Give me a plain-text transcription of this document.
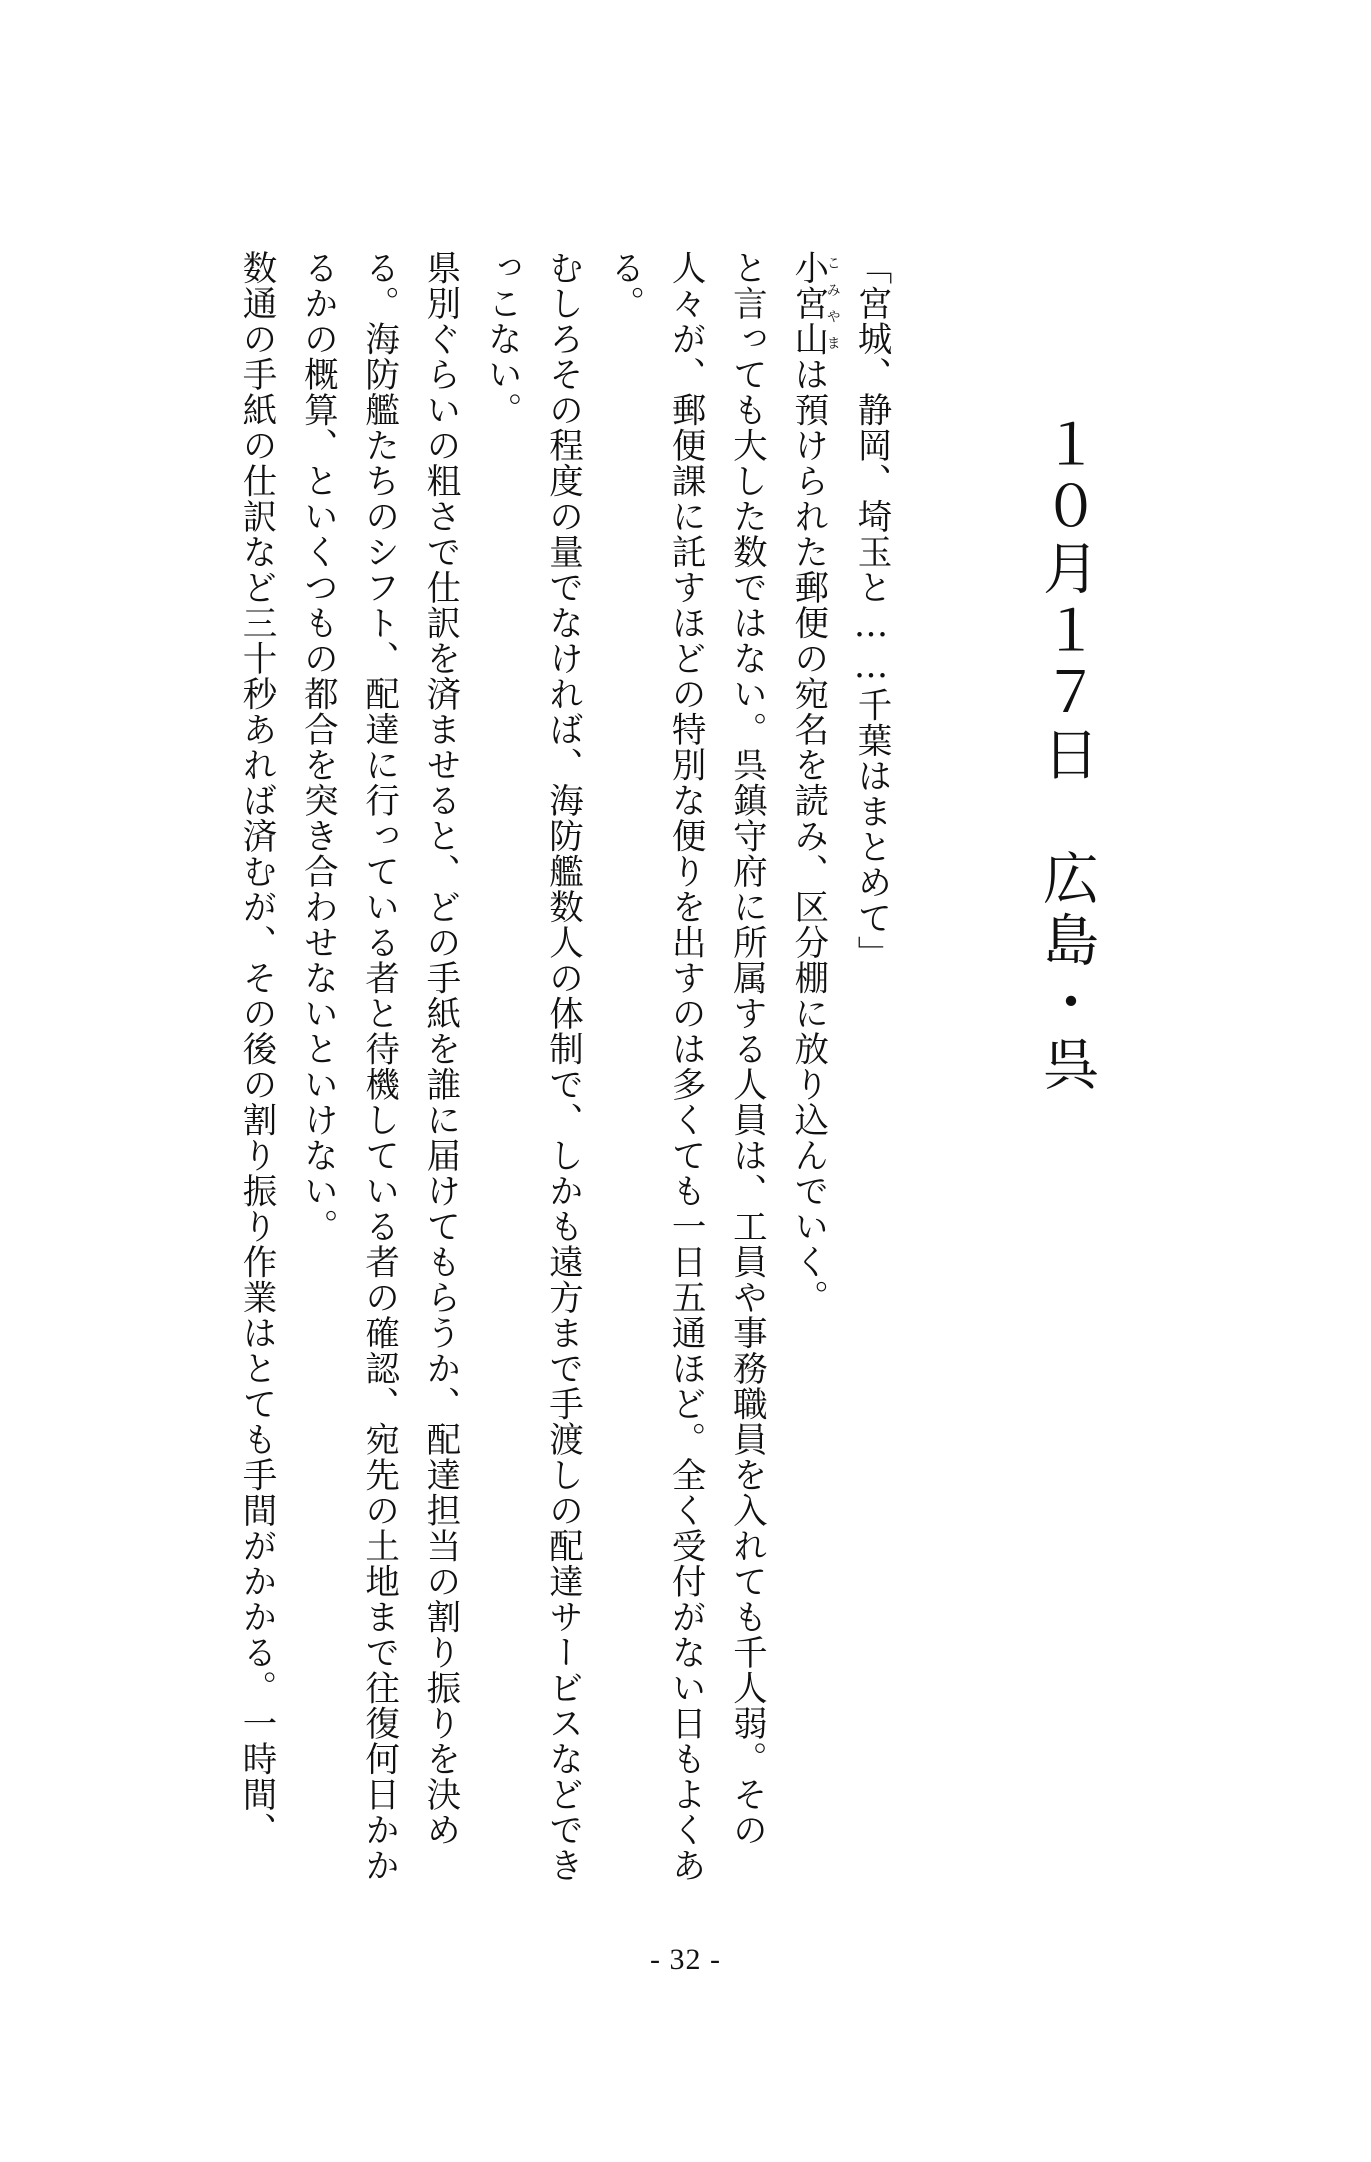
１０月１７日　広島・呉

「宮城、静岡、埼玉と……千葉はまとめて」

小宮山こみやまは預けられた郵便の宛名を読み、区分棚に放り込んでいく。

と言っても大した数ではない。呉鎮守府に所属する人員は、工員や事務職員を入れても千人弱。その人々が、郵便課に託すほどの特別な便りを出すのは多くても一日五通ほど。全く受付がない日もよくある。

むしろその程度の量でなければ、海防艦数人の体制で、しかも遠方まで手渡しの配達サービスなどできっこない。

県別ぐらいの粗さで仕訳を済ませると、どの手紙を誰に届けてもらうか、配達担当の割り振りを決める。海防艦たちのシフト、配達に行っている者と待機している者の確認、宛先の土地まで往復何日かかるかの概算、といくつもの都合を突き合わせないといけない。

数通の手紙の仕訳など三十秒あれば済むが、その後の割り振り作業はとても手間がかかる。一時間、

- 32 -
